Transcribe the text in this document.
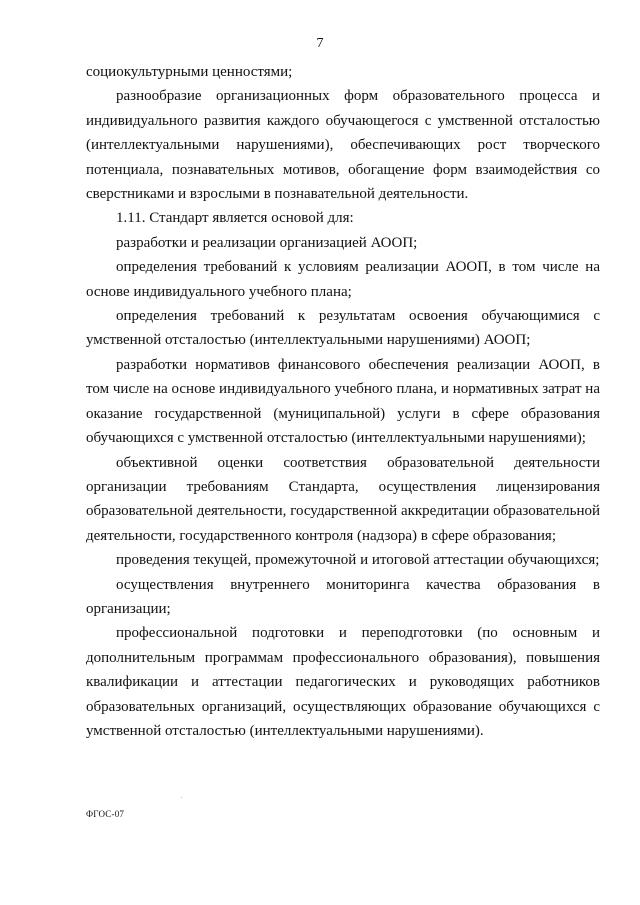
7

социокультурными ценностями;

разнообразие организационных форм образовательного процесса и индивидуального развития каждого обучающегося с умственной отсталостью (интеллектуальными нарушениями), обеспечивающих рост творческого потенциала, познавательных мотивов, обогащение форм взаимодействия со сверстниками и взрослыми в познавательной деятельности.

1.11. Стандарт является основой для:

разработки и реализации организацией АООП;

определения требований к условиям реализации АООП, в том числе на основе индивидуального учебного плана;

определения требований к результатам освоения обучающимися с умственной отсталостью (интеллектуальными нарушениями) АООП;

разработки нормативов финансового обеспечения реализации АООП, в том числе на основе индивидуального учебного плана, и нормативных затрат на оказание государственной (муниципальной) услуги в сфере образования обучающихся с умственной отсталостью (интеллектуальными нарушениями);

объективной оценки соответствия образовательной деятельности организации требованиям Стандарта, осуществления лицензирования образовательной деятельности, государственной аккредитации образовательной деятельности, государственного контроля (надзора) в сфере образования;

проведения текущей, промежуточной и итоговой аттестации обучающихся;

осуществления внутреннего мониторинга качества образования в организации;

профессиональной подготовки и переподготовки (по основным и дополнительным программам профессионального образования), повышения квалификации и аттестации педагогических и руководящих работников образовательных организаций, осуществляющих образование обучающихся с умственной отсталостью (интеллектуальными нарушениями).

ФГОС-07
